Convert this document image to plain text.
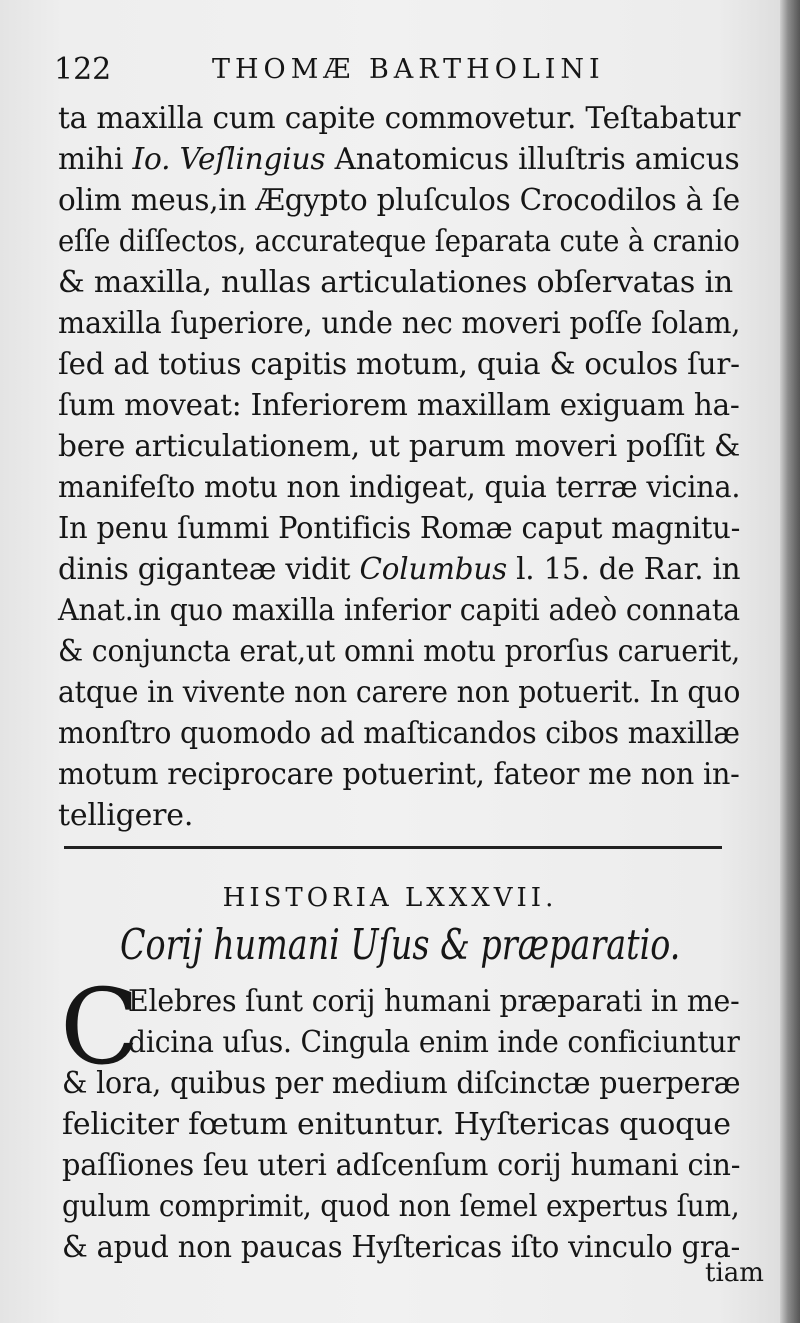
122	THOMÆ BARTHOLINI
ta maxilla cum capite commovetur. Teſtabatur
mihi Io. Veſlingius Anatomicus illuſtris amicus
olim meus,in Ægypto pluſculos Crocodilos à ſe
eſſe diſſectos, accurateque ſeparata cute à cranio
& maxilla, nullas articulationes obſervatas in
maxilla ſuperiore, unde nec moveri poſſe ſolam,
ſed ad totius capitis motum, quia & oculos ſur-
ſum moveat: Inferiorem maxillam exiguam ha-
bere articulationem, ut parum moveri poſſit &
manifeſto motu non indigeat, quia terræ vicina.
In penu ſummi Pontificis Romæ caput magnitu-
dinis giganteæ vidit Columbus l. 15. de Rar. in
Anat.in quo maxilla inferior capiti adeò connata
& conjuncta erat,ut omni motu prorſus caruerit,
atque in vivente non carere non potuerit. In quo
monſtro quomodo ad maſticandos cibos maxillæ
motum reciprocare potuerint, fateor me non in-
telligere.
HISTORIA LXXXVII.
Corij humani Uſus & præparatio.
C
Elebres ſunt corij humani præparati in me-
dicina uſus. Cingula enim inde conficiuntur
& lora, quibus per medium diſcinctæ puerperæ
feliciter fœtum enituntur. Hyſtericas quoque
paſſiones ſeu uteri adſcenſum corij humani cin-
gulum comprimit, quod non ſemel expertus ſum,
& apud non paucas Hyſtericas iſto vinculo gra-
tiam
